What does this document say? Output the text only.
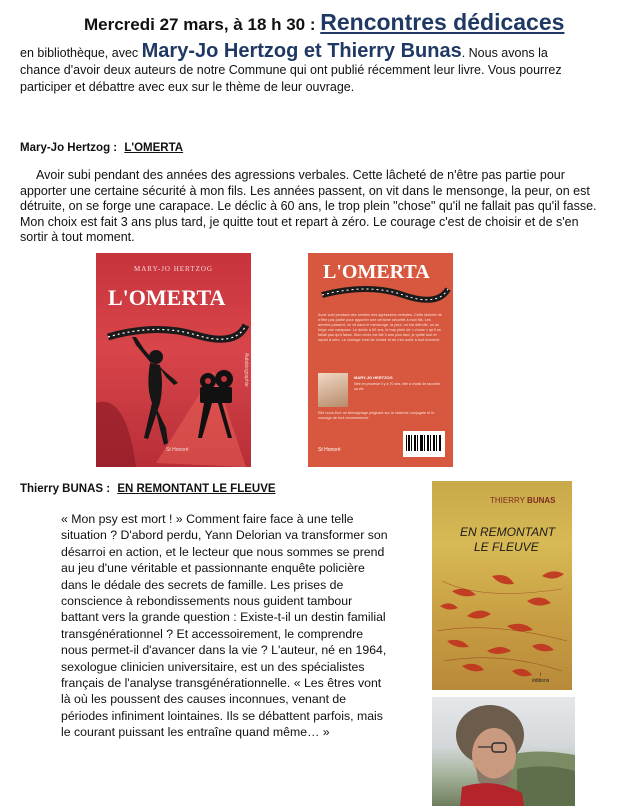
Mercredi 27 mars, à 18 h 30 : Rencontres dédicaces
en bibliothèque, avec Mary-Jo Hertzog et Thierry Bunas. Nous avons la chance d'avoir deux auteurs de notre Commune qui ont publié récemment leur livre. Vous pourrez participer et débattre avec eux sur le thème de leur ouvrage.
Mary-Jo Hertzog : L'OMERTA
Avoir subi pendant des années des agressions verbales. Cette lâcheté de n'être pas partie pour apporter une certaine sécurité à mon fils. Les années passent, on vit dans le mensonge, la peur, on est détruite, on se forge une carapace. Le déclic à 60 ans, le trop plein "chose" qu'il ne fallait pas qu'il fasse. Mon choix est fait 3 ans plus tard, je quitte tout et repart à zéro. Le courage c'est de choisir et de s'en sortir à tout moment.
MARY-JO HERTZOG
L'OMERTA
Autobiographie
St Honoré
L'OMERTA
Avoir subi pendant des années des agressions verbales. Cette lâcheté de n'être pas partie pour apporter une certaine sécurité à mon fils. Les années passent, on vit dans le mensonge, la peur, on est détruite, on se forge une carapace. Le déclic à 60 ans, le trop plein de « chose » qu'il ne fallait pas qu'il fasse. Mon choix est fait 3 ans plus tard, je quitte tout et repart à zéro. Le courage c'est de choisir et de s'en sortir à tout moment.
MARY-JO HERTZOG
Née en province il y a 70 ans, elle a choisi de raconter sa vie.
Elle nous livre un témoignage poignant sur la violence conjugale et le courage de tout recommencer.
St Honoré
Thierry BUNAS : EN REMONTANT LE FLEUVE
« Mon psy est mort ! » Comment faire face à une telle situation ? D'abord perdu, Yann Delorian va transformer son désarroi en action, et le lecteur que nous sommes se prend au jeu d'une véritable et passionnante enquête policière dans le dédale des secrets de famille. Les prises de conscience à rebondissements nous guident tambour battant vers la grande question : Existe-t-il un destin familial transgénérationnel ? Et accessoirement, le comprendre nous permet-il d'avancer dans la vie ? L'auteur, né en 1964, sexologue clinicien universitaire, est un des spécialistes français de l'analyse transgénérationnelle. « Les êtres vont là où les poussent des causes inconnues, venant de périodes infiniment lointaines. Ils se débattent parfois, mais le courant puissant les entraîne quand même… »
THIERRY BUNAS
EN REMONTANT
LE FLEUVE
i
éditions
